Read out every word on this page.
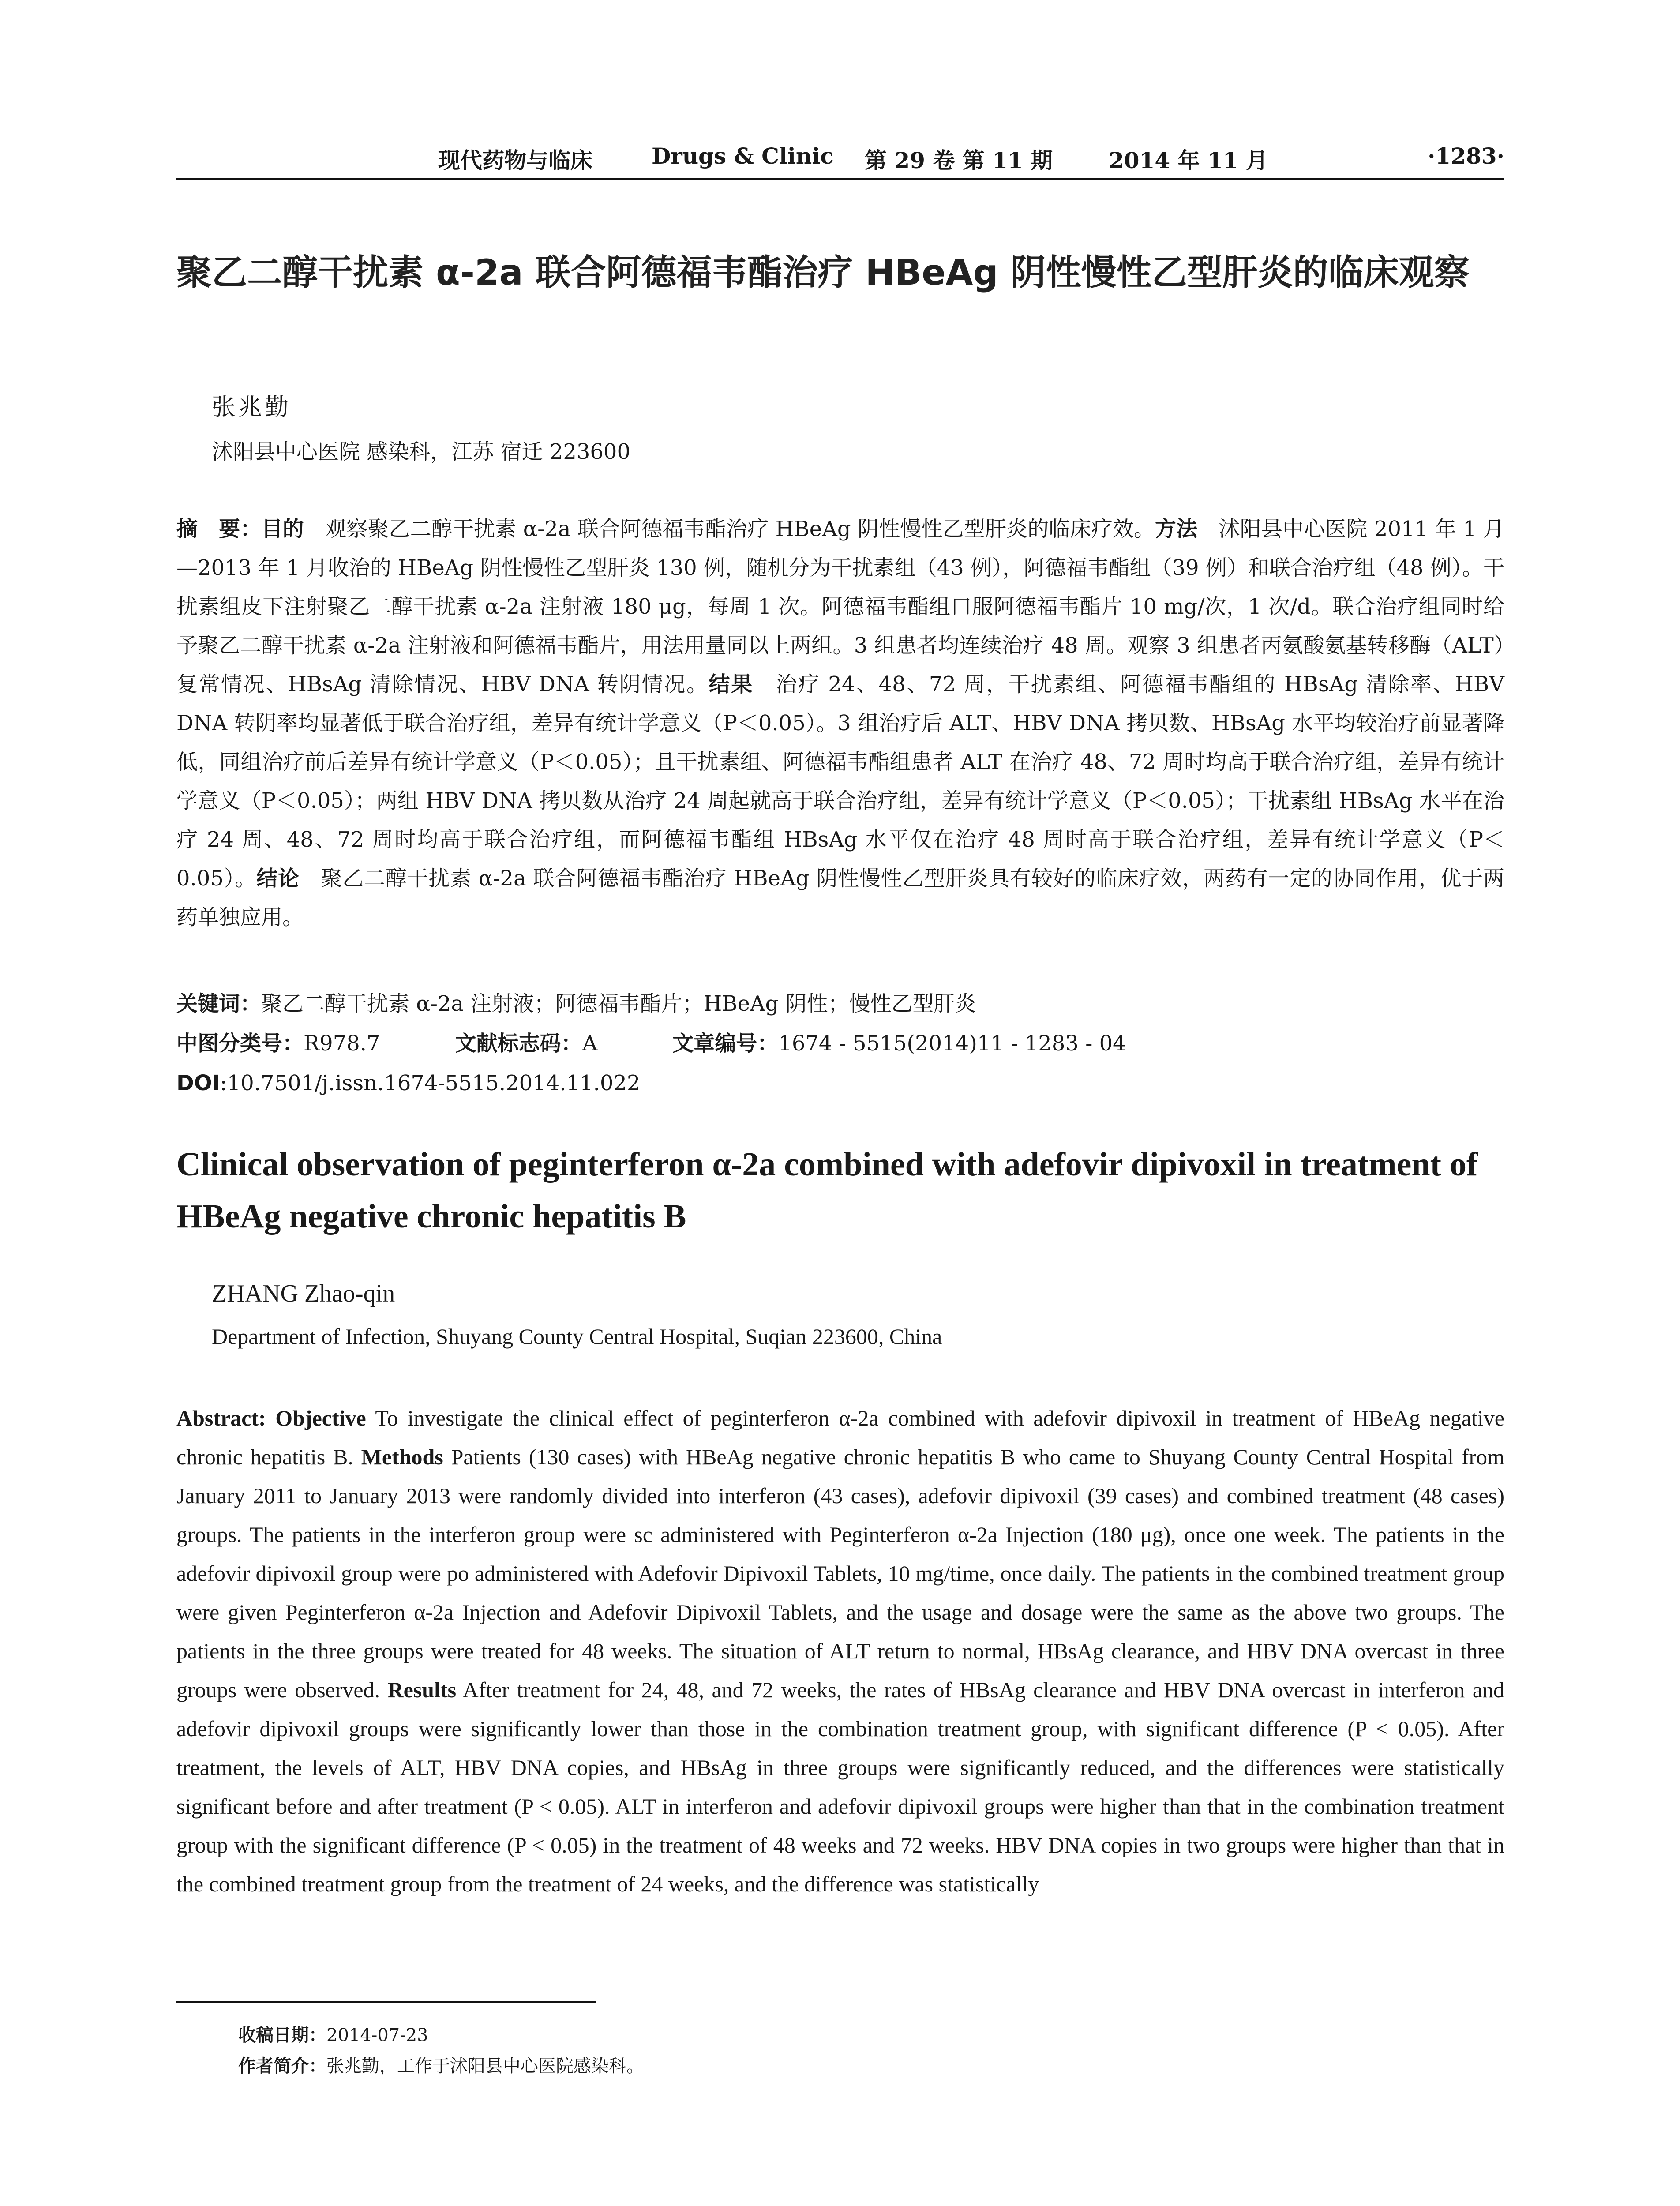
现代药物与临床	Drugs & Clinic 第 29 卷 第 11 期	2014 年 11 月	·1283·
聚乙二醇干扰素 α-2a 联合阿德福韦酯治疗 HBeAg 阴性慢性乙型肝炎的临床观察
张兆勤
沭阳县中心医院 感染科，江苏 宿迁 223600
摘　要：目的　观察聚乙二醇干扰素 α-2a 联合阿德福韦酯治疗 HBeAg 阴性慢性乙型肝炎的临床疗效。方法　沭阳县中心医院 2011 年 1 月—2013 年 1 月收治的 HBeAg 阴性慢性乙型肝炎 130 例，随机分为干扰素组（43 例），阿德福韦酯组（39 例）和联合治疗组（48 例）。干扰素组皮下注射聚乙二醇干扰素 α-2a 注射液 180 μg，每周 1 次。阿德福韦酯组口服阿德福韦酯片 10 mg/次，1 次/d。联合治疗组同时给予聚乙二醇干扰素 α-2a 注射液和阿德福韦酯片，用法用量同以上两组。3 组患者均连续治疗 48 周。观察 3 组患者丙氨酸氨基转移酶（ALT）复常情况、HBsAg 清除情况、HBV DNA 转阴情况。结果　治疗 24、48、72 周，干扰素组、阿德福韦酯组的 HBsAg 清除率、HBV DNA 转阴率均显著低于联合治疗组，差异有统计学意义（P＜0.05）。3 组治疗后 ALT、HBV DNA 拷贝数、HBsAg 水平均较治疗前显著降低，同组治疗前后差异有统计学意义（P＜0.05）；且干扰素组、阿德福韦酯组患者 ALT 在治疗 48、72 周时均高于联合治疗组，差异有统计学意义（P＜0.05）；两组 HBV DNA 拷贝数从治疗 24 周起就高于联合治疗组，差异有统计学意义（P＜0.05）；干扰素组 HBsAg 水平在治疗 24 周、48、72 周时均高于联合治疗组，而阿德福韦酯组 HBsAg 水平仅在治疗 48 周时高于联合治疗组，差异有统计学意义（P＜0.05）。结论　聚乙二醇干扰素 α-2a 联合阿德福韦酯治疗 HBeAg 阴性慢性乙型肝炎具有较好的临床疗效，两药有一定的协同作用，优于两药单独应用。
关键词：聚乙二醇干扰素 α-2a 注射液；阿德福韦酯片；HBeAg 阴性；慢性乙型肝炎
中图分类号：R978.7	文献标志码：A	文章编号：1674 - 5515(2014)11 - 1283 - 04
DOI:10.7501/j.issn.1674-5515.2014.11.022
Clinical observation of peginterferon α-2a combined with adefovir dipivoxil in treatment of HBeAg negative chronic hepatitis B
ZHANG Zhao-qin
Department of Infection, Shuyang County Central Hospital, Suqian 223600, China
Abstract: Objective To investigate the clinical effect of peginterferon α-2a combined with adefovir dipivoxil in treatment of HBeAg negative chronic hepatitis B. Methods Patients (130 cases) with HBeAg negative chronic hepatitis B who came to Shuyang County Central Hospital from January 2011 to January 2013 were randomly divided into interferon (43 cases), adefovir dipivoxil (39 cases) and combined treatment (48 cases) groups. The patients in the interferon group were sc administered with Peginterferon α-2a Injection (180 μg), once one week. The patients in the adefovir dipivoxil group were po administered with Adefovir Dipivoxil Tablets, 10 mg/time, once daily. The patients in the combined treatment group were given Peginterferon α-2a Injection and Adefovir Dipivoxil Tablets, and the usage and dosage were the same as the above two groups. The patients in the three groups were treated for 48 weeks. The situation of ALT return to normal, HBsAg clearance, and HBV DNA overcast in three groups were observed. Results After treatment for 24, 48, and 72 weeks, the rates of HBsAg clearance and HBV DNA overcast in interferon and adefovir dipivoxil groups were significantly lower than those in the combination treatment group, with significant difference (P < 0.05). After treatment, the levels of ALT, HBV DNA copies, and HBsAg in three groups were significantly reduced, and the differences were statistically significant before and after treatment (P < 0.05). ALT in interferon and adefovir dipivoxil groups were higher than that in the combination treatment group with the significant difference (P < 0.05) in the treatment of 48 weeks and 72 weeks. HBV DNA copies in two groups were higher than that in the combined treatment group from the treatment of 24 weeks, and the difference was statistically
收稿日期：2014-07-23
作者简介：张兆勤，工作于沭阳县中心医院感染科。
